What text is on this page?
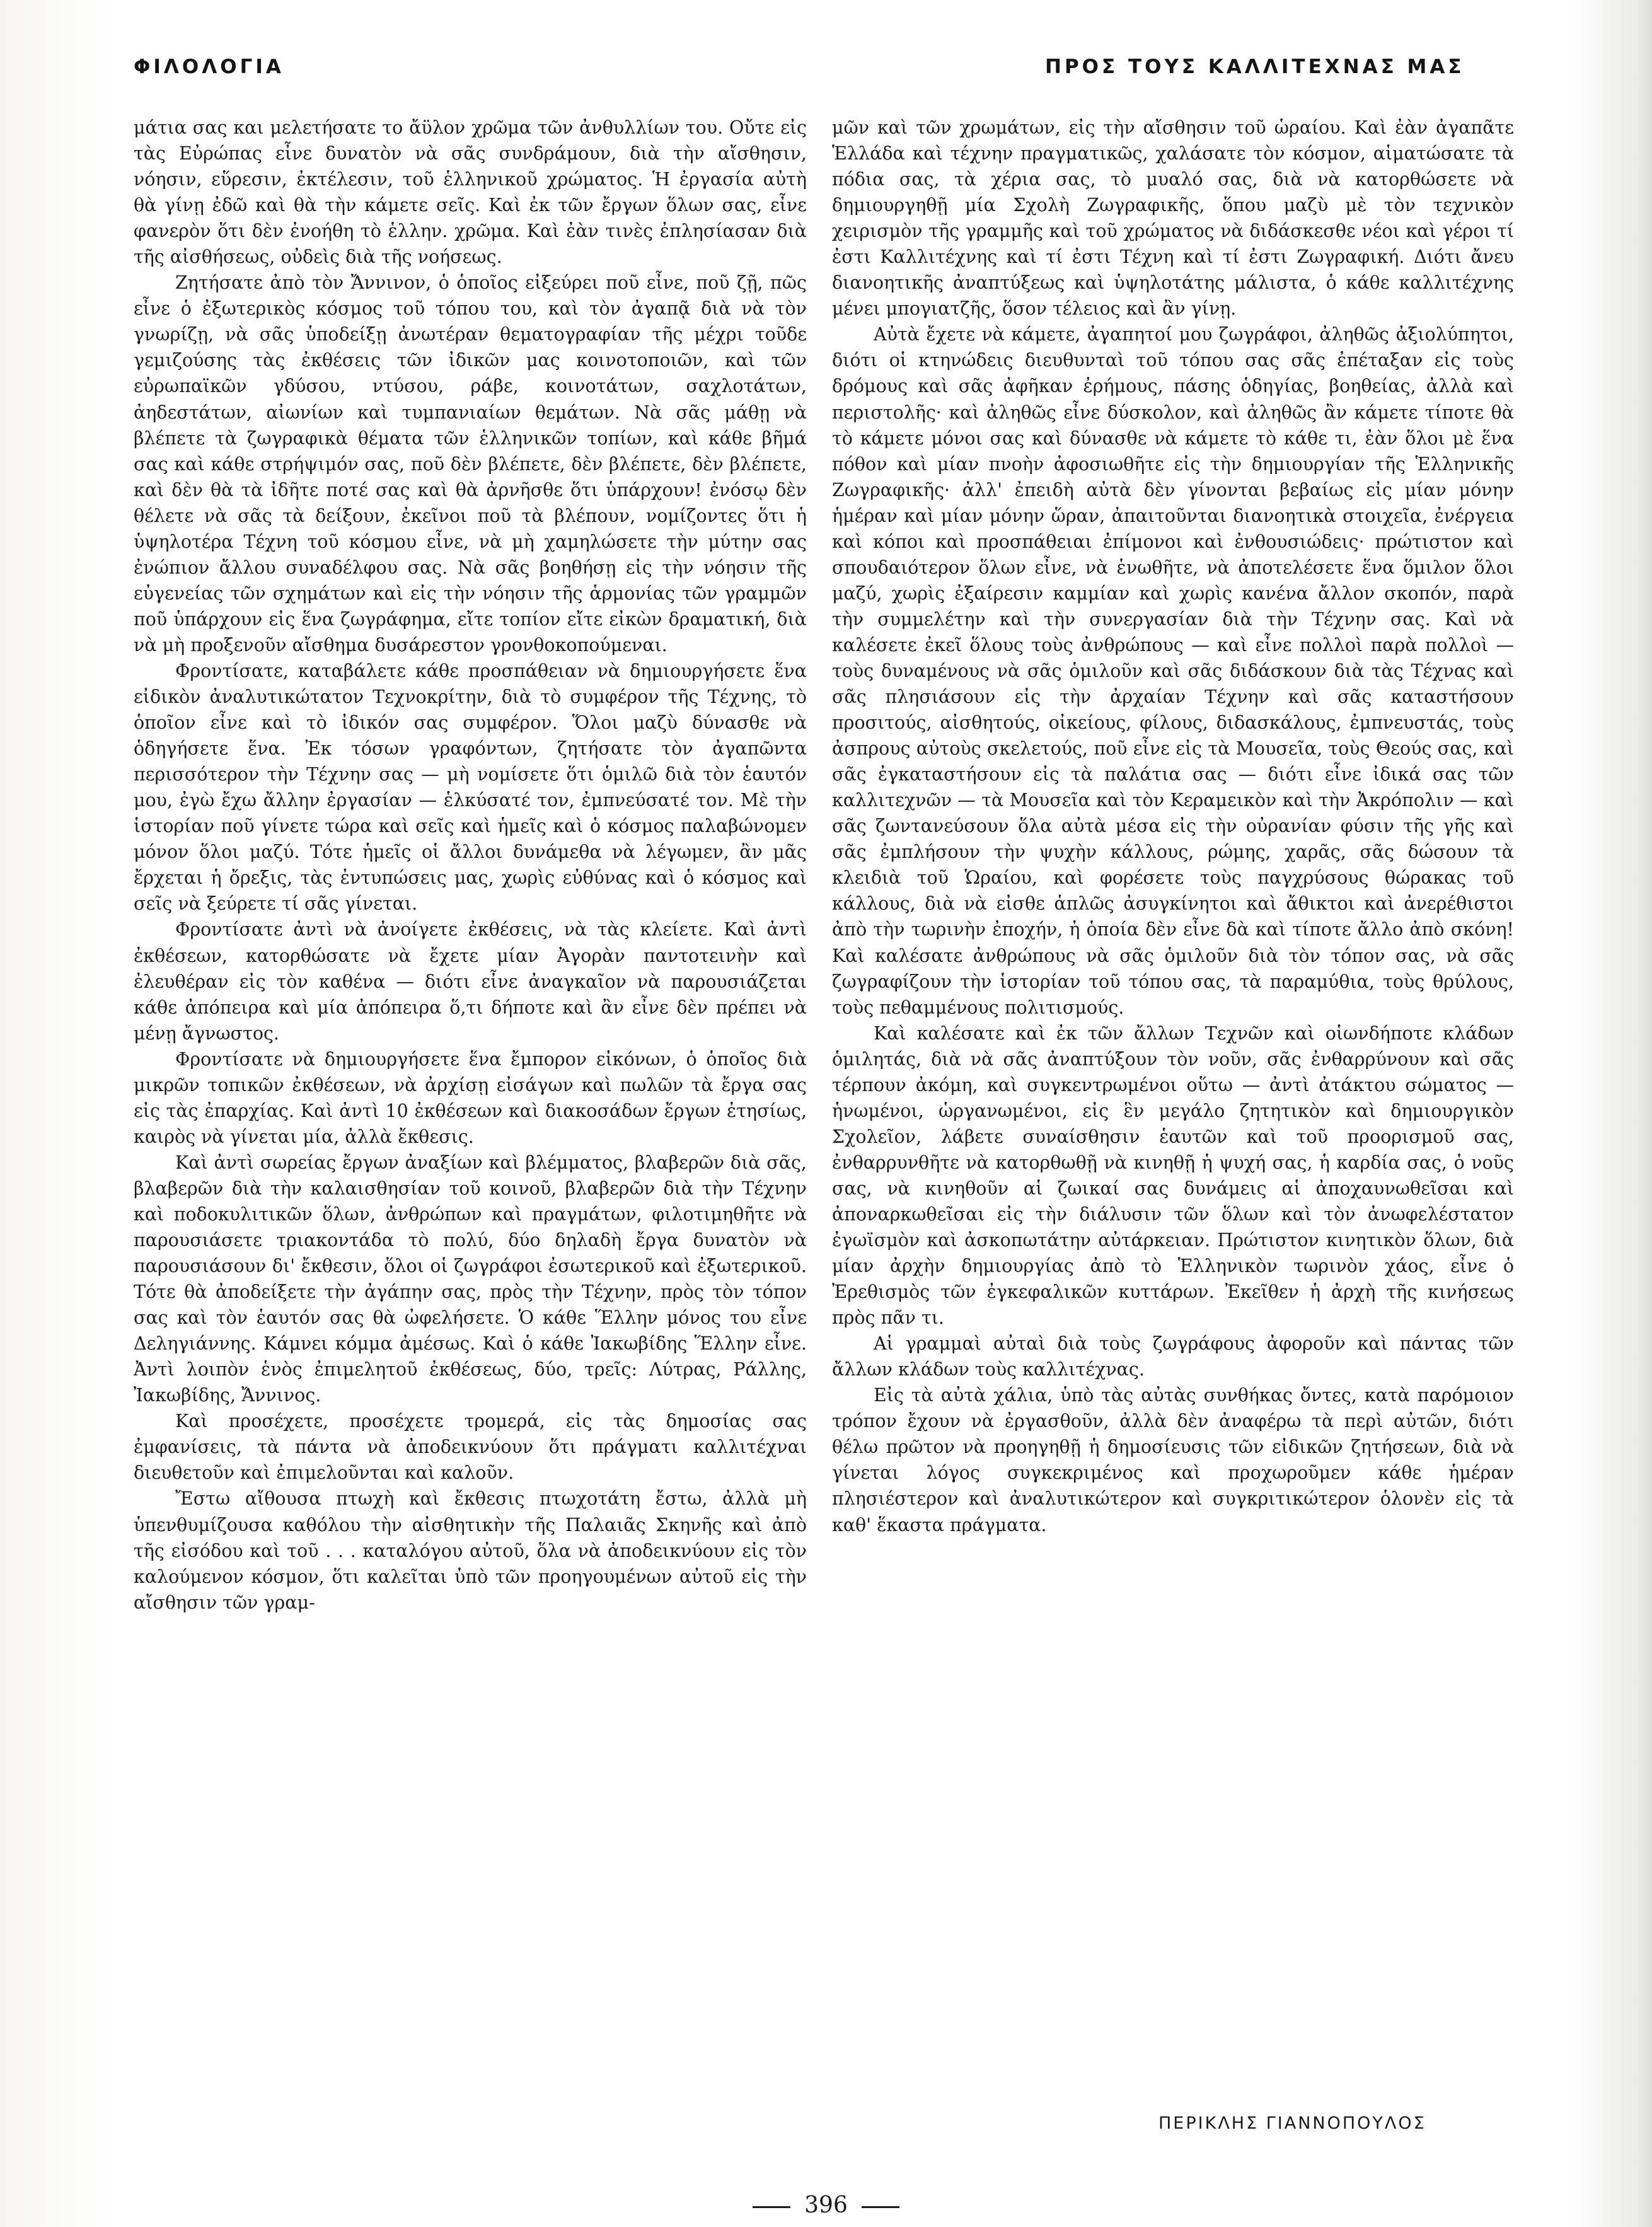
ΦΙΛΟΛΟΓΙΑ	ΠΡΟΣ ΤΟΥΣ ΚΑΛΛΙΤΕΧΝΑΣ ΜΑΣ

μάτια σας και μελετήσατε το ἄϋλον χρῶμα τῶν ἀνθυλλίων του. Οὔτε εἰς τὰς Εὐρώπας εἶνε δυνατὸν νὰ σᾶς συνδράμουν, διὰ τὴν αἴσθησιν, νόησιν, εὕρεσιν, ἐκτέλεσιν, τοῦ ἑλληνικοῦ χρώματος. Ἡ ἐργασία αὐτὴ θὰ γίνῃ ἐδῶ καὶ θὰ τὴν κάμετε σεῖς. Καὶ ἐκ τῶν ἔργων ὅλων σας, εἶνε φανερὸν ὅτι δὲν ἐνοήθη τὸ ἑλλην. χρῶμα. Καὶ ἐὰν τινὲς ἐπλησίασαν διὰ τῆς αἰσθήσεως, οὐδεὶς διὰ τῆς νοήσεως.

Ζητήσατε ἀπὸ τὸν Ἄννινον, ὁ ὁποῖος εἰξεύρει ποῦ εἶνε, ποῦ ζῇ, πῶς εἶνε ὁ ἐξωτερικὸς κόσμος τοῦ τόπου του, καὶ τὸν ἀγαπᾷ διὰ νὰ τὸν γνωρίζῃ, νὰ σᾶς ὑποδείξῃ ἀνωτέραν θεματογραφίαν τῆς μέχρι τοῦδε γεμιζούσης τὰς ἐκθέσεις τῶν ἰδικῶν μας κοινοτοποιῶν, καὶ τῶν εὐρωπαϊκῶν γδύσου, ντύσου, ράβε, κοινοτάτων, σαχλοτάτων, ἀηδεστάτων, αἰωνίων καὶ τυμπανιαίων θεμάτων. Νὰ σᾶς μάθῃ νὰ βλέπετε τὰ ζωγραφικὰ θέματα τῶν ἑλληνικῶν τοπίων, καὶ κάθε βῆμά σας καὶ κάθε στρήψιμόν σας, ποῦ δὲν βλέπετε, δὲν βλέπετε, δὲν βλέπετε, καὶ δὲν θὰ τὰ ἰδῆτε ποτέ σας καὶ θὰ ἀρνῆσθε ὅτι ὑπάρχουν! ἐνόσῳ δὲν θέλετε νὰ σᾶς τὰ δείξουν, ἐκεῖνοι ποῦ τὰ βλέπουν, νομίζοντες ὅτι ἡ ὑψηλοτέρα Τέχνη τοῦ κόσμου εἶνε, νὰ μὴ χαμηλώσετε τὴν μύτην σας ἐνώπιον ἄλλου συναδέλφου σας. Νὰ σᾶς βοηθήσῃ εἰς τὴν νόησιν τῆς εὐγενείας τῶν σχημάτων καὶ εἰς τὴν νόησιν τῆς ἁρμονίας τῶν γραμμῶν ποῦ ὑπάρχουν εἰς ἕνα ζωγράφημα, εἴτε τοπίον εἴτε εἰκὼν δραματική, διὰ νὰ μὴ προξενοῦν αἴσθημα δυσάρεστον γρονθοκοπούμεναι.

Φροντίσατε, καταβάλετε κάθε προσπάθειαν νὰ δημιουργήσετε ἕνα εἰδικὸν ἀναλυτικώτατον Τεχνοκρίτην, διὰ τὸ συμφέρον τῆς Τέχνης, τὸ ὁποῖον εἶνε καὶ τὸ ἰδικόν σας συμφέρον. Ὅλοι μαζὺ δύνασθε νὰ ὁδηγήσετε ἕνα. Ἐκ τόσων γραφόντων, ζητήσατε τὸν ἀγαπῶντα περισσότερον τὴν Τέχνην σας — μὴ νομίσετε ὅτι ὁμιλῶ διὰ τὸν ἑαυτόν μου, ἐγὼ ἔχω ἄλλην ἐργασίαν — ἑλκύσατέ τον, ἐμπνεύσατέ τον. Μὲ τὴν ἱστορίαν ποῦ γίνετε τώρα καὶ σεῖς καὶ ἡμεῖς καὶ ὁ κόσμος παλαβώνομεν μόνον ὅλοι μαζύ. Τότε ἡμεῖς οἱ ἄλλοι δυνάμεθα νὰ λέγωμεν, ἂν μᾶς ἔρχεται ἡ ὄρεξις, τὰς ἐντυπώσεις μας, χωρὶς εὐθύνας καὶ ὁ κόσμος καὶ σεῖς νὰ ξεύρετε τί σᾶς γίνεται.

Φροντίσατε ἀντὶ νὰ ἀνοίγετε ἐκθέσεις, νὰ τὰς κλείετε. Καὶ ἀντὶ ἐκθέσεων, κατορθώσατε νὰ ἔχετε μίαν Ἀγορὰν παντοτεινὴν καὶ ἐλευθέραν εἰς τὸν καθένα — διότι εἶνε ἀναγκαῖον νὰ παρουσιάζεται κάθε ἀπόπειρα καὶ μία ἀπόπειρα ὅ,τι δήποτε καὶ ἂν εἶνε δὲν πρέπει νὰ μένῃ ἄγνωστος.

Φροντίσατε νὰ δημιουργήσετε ἕνα ἔμπορον εἰκόνων, ὁ ὁποῖος διὰ μικρῶν τοπικῶν ἐκθέσεων, νὰ ἀρχίσῃ εἰσάγων καὶ πωλῶν τὰ ἔργα σας εἰς τὰς ἐπαρχίας. Καὶ ἀντὶ 10 ἐκθέσεων καὶ διακοσάδων ἔργων ἐτησίως, καιρὸς νὰ γίνεται μία, ἀλλὰ ἔκθεσις.

Καὶ ἀντὶ σωρείας ἔργων ἀναξίων καὶ βλέμματος, βλαβερῶν διὰ σᾶς, βλαβερῶν διὰ τὴν καλαισθησίαν τοῦ κοινοῦ, βλαβερῶν διὰ τὴν Τέχνην καὶ ποδοκυλιτικῶν ὅλων, ἀνθρώπων καὶ πραγμάτων, φιλοτιμηθῆτε νὰ παρουσιάσετε τριακοντάδα τὸ πολύ, δύο δηλαδὴ ἔργα δυνατὸν νὰ παρουσιάσουν δι' ἔκθεσιν, ὅλοι οἱ ζωγράφοι ἐσωτερικοῦ καὶ ἐξωτερικοῦ. Τότε θὰ ἀποδείξετε τὴν ἀγάπην σας, πρὸς τὴν Τέχνην, πρὸς τὸν τόπον σας καὶ τὸν ἑαυτόν σας θὰ ὠφελήσετε. Ὁ κάθε Ἕλλην μόνος του εἶνε Δεληγιάννης. Κάμνει κόμμα ἀμέσως. Καὶ ὁ κάθε Ἰακωβίδης Ἕλλην εἶνε. Ἀντὶ λοιπὸν ἑνὸς ἐπιμελητοῦ ἐκθέσεως, δύο, τρεῖς: Λύτρας, Ράλλης, Ἰακωβίδης, Ἄννινος.

Καὶ προσέχετε, προσέχετε τρομερά, εἰς τὰς δημοσίας σας ἐμφανίσεις, τὰ πάντα νὰ ἀποδεικνύουν ὅτι πράγματι καλλιτέχναι διευθετοῦν καὶ ἐπιμελοῦνται καὶ καλοῦν.

Ἔστω αἴθουσα πτωχὴ καὶ ἔκθεσις πτωχοτάτη ἔστω, ἀλλὰ μὴ ὑπενθυμίζουσα καθόλου τὴν αἰσθητικὴν τῆς Παλαιᾶς Σκηνῆς καὶ ἀπὸ τῆς εἰσόδου καὶ τοῦ . . . καταλόγου αὐτοῦ, ὅλα νὰ ἀποδεικνύουν εἰς τὸν καλούμενον κόσμον, ὅτι καλεῖται ὑπὸ τῶν προηγουμένων αὐτοῦ εἰς τὴν αἴσθησιν τῶν γραμ-

μῶν καὶ τῶν χρωμάτων, εἰς τὴν αἴσθησιν τοῦ ὡραίου. Καὶ ἐὰν ἀγαπᾶτε Ἑλλάδα καὶ τέχνην πραγματικῶς, χαλάσατε τὸν κόσμον, αἱματώσατε τὰ πόδια σας, τὰ χέρια σας, τὸ μυαλό σας, διὰ νὰ κατορθώσετε νὰ δημιουργηθῇ μία Σχολὴ Ζωγραφικῆς, ὅπου μαζὺ μὲ τὸν τεχνικὸν χειρισμὸν τῆς γραμμῆς καὶ τοῦ χρώματος νὰ διδάσκεσθε νέοι καὶ γέροι τί ἐστι Καλλιτέχνης καὶ τί ἐστι Τέχνη καὶ τί ἐστι Ζωγραφική. Διότι ἄνευ διανοητικῆς ἀναπτύξεως καὶ ὑψηλοτάτης μάλιστα, ὁ κάθε καλλιτέχνης μένει μπογιατζῆς, ὅσον τέλειος καὶ ἂν γίνῃ.

Αὐτὰ ἔχετε νὰ κάμετε, ἀγαπητοί μου ζωγράφοι, ἀληθῶς ἀξιολύπητοι, διότι οἱ κτηνώδεις διευθυνταὶ τοῦ τόπου σας σᾶς ἐπέταξαν εἰς τοὺς δρόμους καὶ σᾶς ἀφῆκαν ἐρήμους, πάσης ὁδηγίας, βοηθείας, ἀλλὰ καὶ περιστολῆς· καὶ ἀληθῶς εἶνε δύσκολον, καὶ ἀληθῶς ἂν κάμετε τίποτε θὰ τὸ κάμετε μόνοι σας καὶ δύνασθε νὰ κάμετε τὸ κάθε τι, ἐὰν ὅλοι μὲ ἕνα πόθον καὶ μίαν πνοὴν ἀφοσιωθῆτε εἰς τὴν δημιουργίαν τῆς Ἑλληνικῆς Ζωγραφικῆς· ἀλλ' ἐπειδὴ αὐτὰ δὲν γίνονται βεβαίως εἰς μίαν μόνην ἡμέραν καὶ μίαν μόνην ὥραν, ἀπαιτοῦνται διανοητικὰ στοιχεῖα, ἐνέργεια καὶ κόποι καὶ προσπάθειαι ἐπίμονοι καὶ ἐνθουσιώδεις· πρώτιστον καὶ σπουδαιότερον ὅλων εἶνε, νὰ ἑνωθῆτε, νὰ ἀποτελέσετε ἕνα ὅμιλον ὅλοι μαζύ, χωρὶς ἐξαίρεσιν καμμίαν καὶ χωρὶς κανένα ἄλλον σκοπόν, παρὰ τὴν συμμελέτην καὶ τὴν συνεργασίαν διὰ τὴν Τέχνην σας. Καὶ νὰ καλέσετε ἐκεῖ ὅλους τοὺς ἀνθρώπους — καὶ εἶνε πολλοὶ παρὰ πολλοὶ — τοὺς δυναμένους νὰ σᾶς ὁμιλοῦν καὶ σᾶς διδάσκουν διὰ τὰς Τέχνας καὶ σᾶς πλησιάσουν εἰς τὴν ἀρχαίαν Τέχνην καὶ σᾶς καταστήσουν προσιτούς, αἰσθητούς, οἰκείους, φίλους, διδασκάλους, ἐμπνευστάς, τοὺς ἀσπρους αὐτοὺς σκελετούς, ποῦ εἶνε εἰς τὰ Μουσεῖα, τοὺς Θεούς σας, καὶ σᾶς ἐγκαταστήσουν εἰς τὰ παλάτια σας — διότι εἶνε ἰδικά σας τῶν καλλιτεχνῶν — τὰ Μουσεῖα καὶ τὸν Κεραμεικὸν καὶ τὴν Ἀκρόπολιν — καὶ σᾶς ζωντανεύσουν ὅλα αὐτὰ μέσα εἰς τὴν οὐρανίαν φύσιν τῆς γῆς καὶ σᾶς ἐμπλήσουν τὴν ψυχὴν κάλλους, ρώμης, χαρᾶς, σᾶς δώσουν τὰ κλειδιὰ τοῦ Ὡραίου, καὶ φορέσετε τοὺς παγχρύσους θώρακας τοῦ κάλλους, διὰ νὰ εἰσθε ἁπλῶς ἀσυγκίνητοι καὶ ἄθικτοι καὶ ἀνερέθιστοι ἀπὸ τὴν τωρινὴν ἐποχήν, ἡ ὁποία δὲν εἶνε δὰ καὶ τίποτε ἄλλο ἀπὸ σκόνη! Καὶ καλέσατε ἀνθρώπους νὰ σᾶς ὁμιλοῦν διὰ τὸν τόπον σας, νὰ σᾶς ζωγραφίζουν τὴν ἱστορίαν τοῦ τόπου σας, τὰ παραμύθια, τοὺς θρύλους, τοὺς πεθαμμένους πολιτισμούς.

Καὶ καλέσατε καὶ ἐκ τῶν ἄλλων Τεχνῶν καὶ οἱωνδήποτε κλάδων ὁμιλητάς, διὰ νὰ σᾶς ἀναπτύξουν τὸν νοῦν, σᾶς ἐνθαρρύνουν καὶ σᾶς τέρπουν ἀκόμη, καὶ συγκεντρωμένοι οὕτω — ἀντὶ ἀτάκτου σώματος — ἡνωμένοι, ὡργανωμένοι, εἰς ἓν μεγάλο ζητητικὸν καὶ δημιουργικὸν Σχολεῖον, λάβετε συναίσθησιν ἑαυτῶν καὶ τοῦ προορισμοῦ σας, ἐνθαρρυνθῆτε νὰ κατορθωθῇ νὰ κινηθῇ ἡ ψυχή σας, ἡ καρδία σας, ὁ νοῦς σας, νὰ κινηθοῦν αἱ ζωικαί σας δυνάμεις αἱ ἀποχαυνωθεῖσαι καὶ ἀποναρκωθεῖσαι εἰς τὴν διάλυσιν τῶν ὅλων καὶ τὸν ἀνωφελέστατον ἐγωϊσμὸν καὶ ἀσκοπωτάτην αὐτάρκειαν. Πρώτιστον κινητικὸν ὅλων, διὰ μίαν ἀρχὴν δημιουργίας ἀπὸ τὸ Ἑλληνικὸν τωρινὸν χάος, εἶνε ὁ Ἐρεθισμὸς τῶν ἐγκεφαλικῶν κυττάρων. Ἐκεῖθεν ἡ ἀρχὴ τῆς κινήσεως πρὸς πᾶν τι.

Αἱ γραμμαὶ αὐταὶ διὰ τοὺς ζωγράφους ἀφοροῦν καὶ πάντας τῶν ἄλλων κλάδων τοὺς καλλιτέχνας.

Εἰς τὰ αὐτὰ χάλια, ὑπὸ τὰς αὐτὰς συνθήκας ὄντες, κατὰ παρόμοιον τρόπον ἔχουν νὰ ἐργασθοῦν, ἀλλὰ δὲν ἀναφέρω τὰ περὶ αὐτῶν, διότι θέλω πρῶτον νὰ προηγηθῇ ἡ δημοσίευσις τῶν εἰδικῶν ζητήσεων, διὰ νὰ γίνεται λόγος συγκεκριμένος καὶ προχωροῦμεν κάθε ἡμέραν πλησιέστερον καὶ ἀναλυτικώτερον καὶ συγκριτικώτερον ὁλονὲν εἰς τὰ καθ' ἕκαστα πράγματα.

ΠΕΡΙΚΛΗΣ ΓΙΑΝΝΟΠΟΥΛΟΣ
396
